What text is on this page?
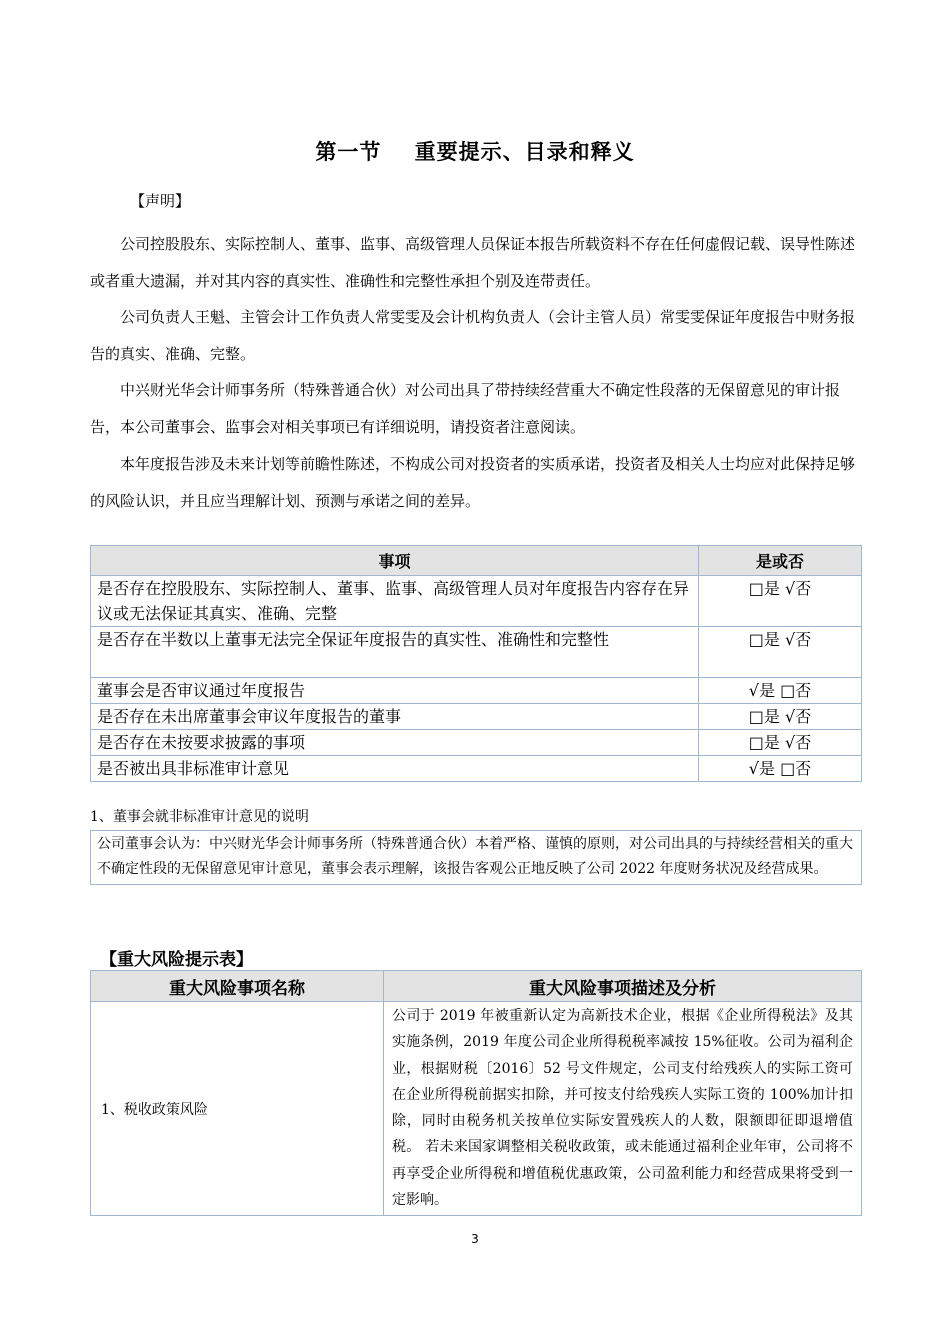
第一节    重要提示、目录和释义
【声明】
公司控股股东、实际控制人、董事、监事、高级管理人员保证本报告所载资料不存在任何虚假记载、误导性陈述或者重大遗漏，并对其内容的真实性、准确性和完整性承担个别及连带责任。
公司负责人王魁、主管会计工作负责人常雯雯及会计机构负责人（会计主管人员）常雯雯保证年度报告中财务报告的真实、准确、完整。
中兴财光华会计师事务所（特殊普通合伙）对公司出具了带持续经营重大不确定性段落的无保留意见的审计报告，本公司董事会、监事会对相关事项已有详细说明，请投资者注意阅读。
本年度报告涉及未来计划等前瞻性陈述，不构成公司对投资者的实质承诺，投资者及相关人士均应对此保持足够的风险认识，并且应当理解计划、预测与承诺之间的差异。
事项	是或否
是否存在控股股东、实际控制人、董事、监事、高级管理人员对年度报告内容存在异议或无法保证其真实、准确、完整	□是 √否
是否存在半数以上董事无法完全保证年度报告的真实性、准确性和完整性	□是 √否
董事会是否审议通过年度报告	√是 □否
是否存在未出席董事会审议年度报告的董事	□是 √否
是否存在未按要求披露的事项	□是 √否
是否被出具非标准审计意见	√是 □否
1、董事会就非标准审计意见的说明
公司董事会认为：中兴财光华会计师事务所（特殊普通合伙）本着严格、谨慎的原则，对公司出具的与持续经营相关的重大不确定性段的无保留意见审计意见，董事会表示理解，该报告客观公正地反映了公司 2022 年度财务状况及经营成果。
【重大风险提示表】
重大风险事项名称	重大风险事项描述及分析
1、税收政策风险	公司于 2019 年被重新认定为高新技术企业，根据《企业所得税法》及其实施条例，2019 年度公司企业所得税税率减按 15%征收。公司为福利企业，根据财税〔2016〕52 号文件规定，公司支付给残疾人的实际工资可在企业所得税前据实扣除，并可按支付给残疾人实际工资的 100%加计扣除，同时由税务机关按单位实际安置残疾人的人数，限额即征即退增值税。 若未来国家调整相关税收政策，或未能通过福利企业年审，公司将不再享受企业所得税和增值税优惠政策，公司盈利能力和经营成果将受到一定影响。
3
